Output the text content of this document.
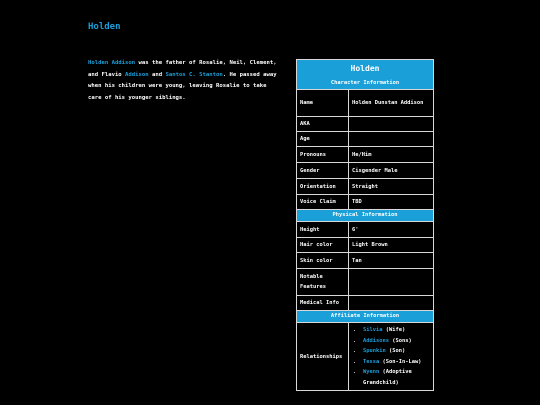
Holden

Holden Addison was the father of Rosalie, Neil, Clement, and Flavio Addison and Santos C. Stanton. He passed away when his children were young, leaving Rosalie to take care of his younger siblings.

Holden
Character Information
Name	Holden Dunstan Addison
AKA
Age
Pronouns	He/Him
Gender	Cisgender Male
Orientation	Straight
Voice Claim	TBD
Physical Information
Height	6'
Hair color	Light Brown
Skin color	Tan
Notable Features
Medical Info
Affiliate Information
Relationships
• Silvia (Wife)
• Addisons (Sons)
• Spunkin (Son)
• Tessa (Son-In-Law)
• Wyenn (Adoptive Grandchild)
